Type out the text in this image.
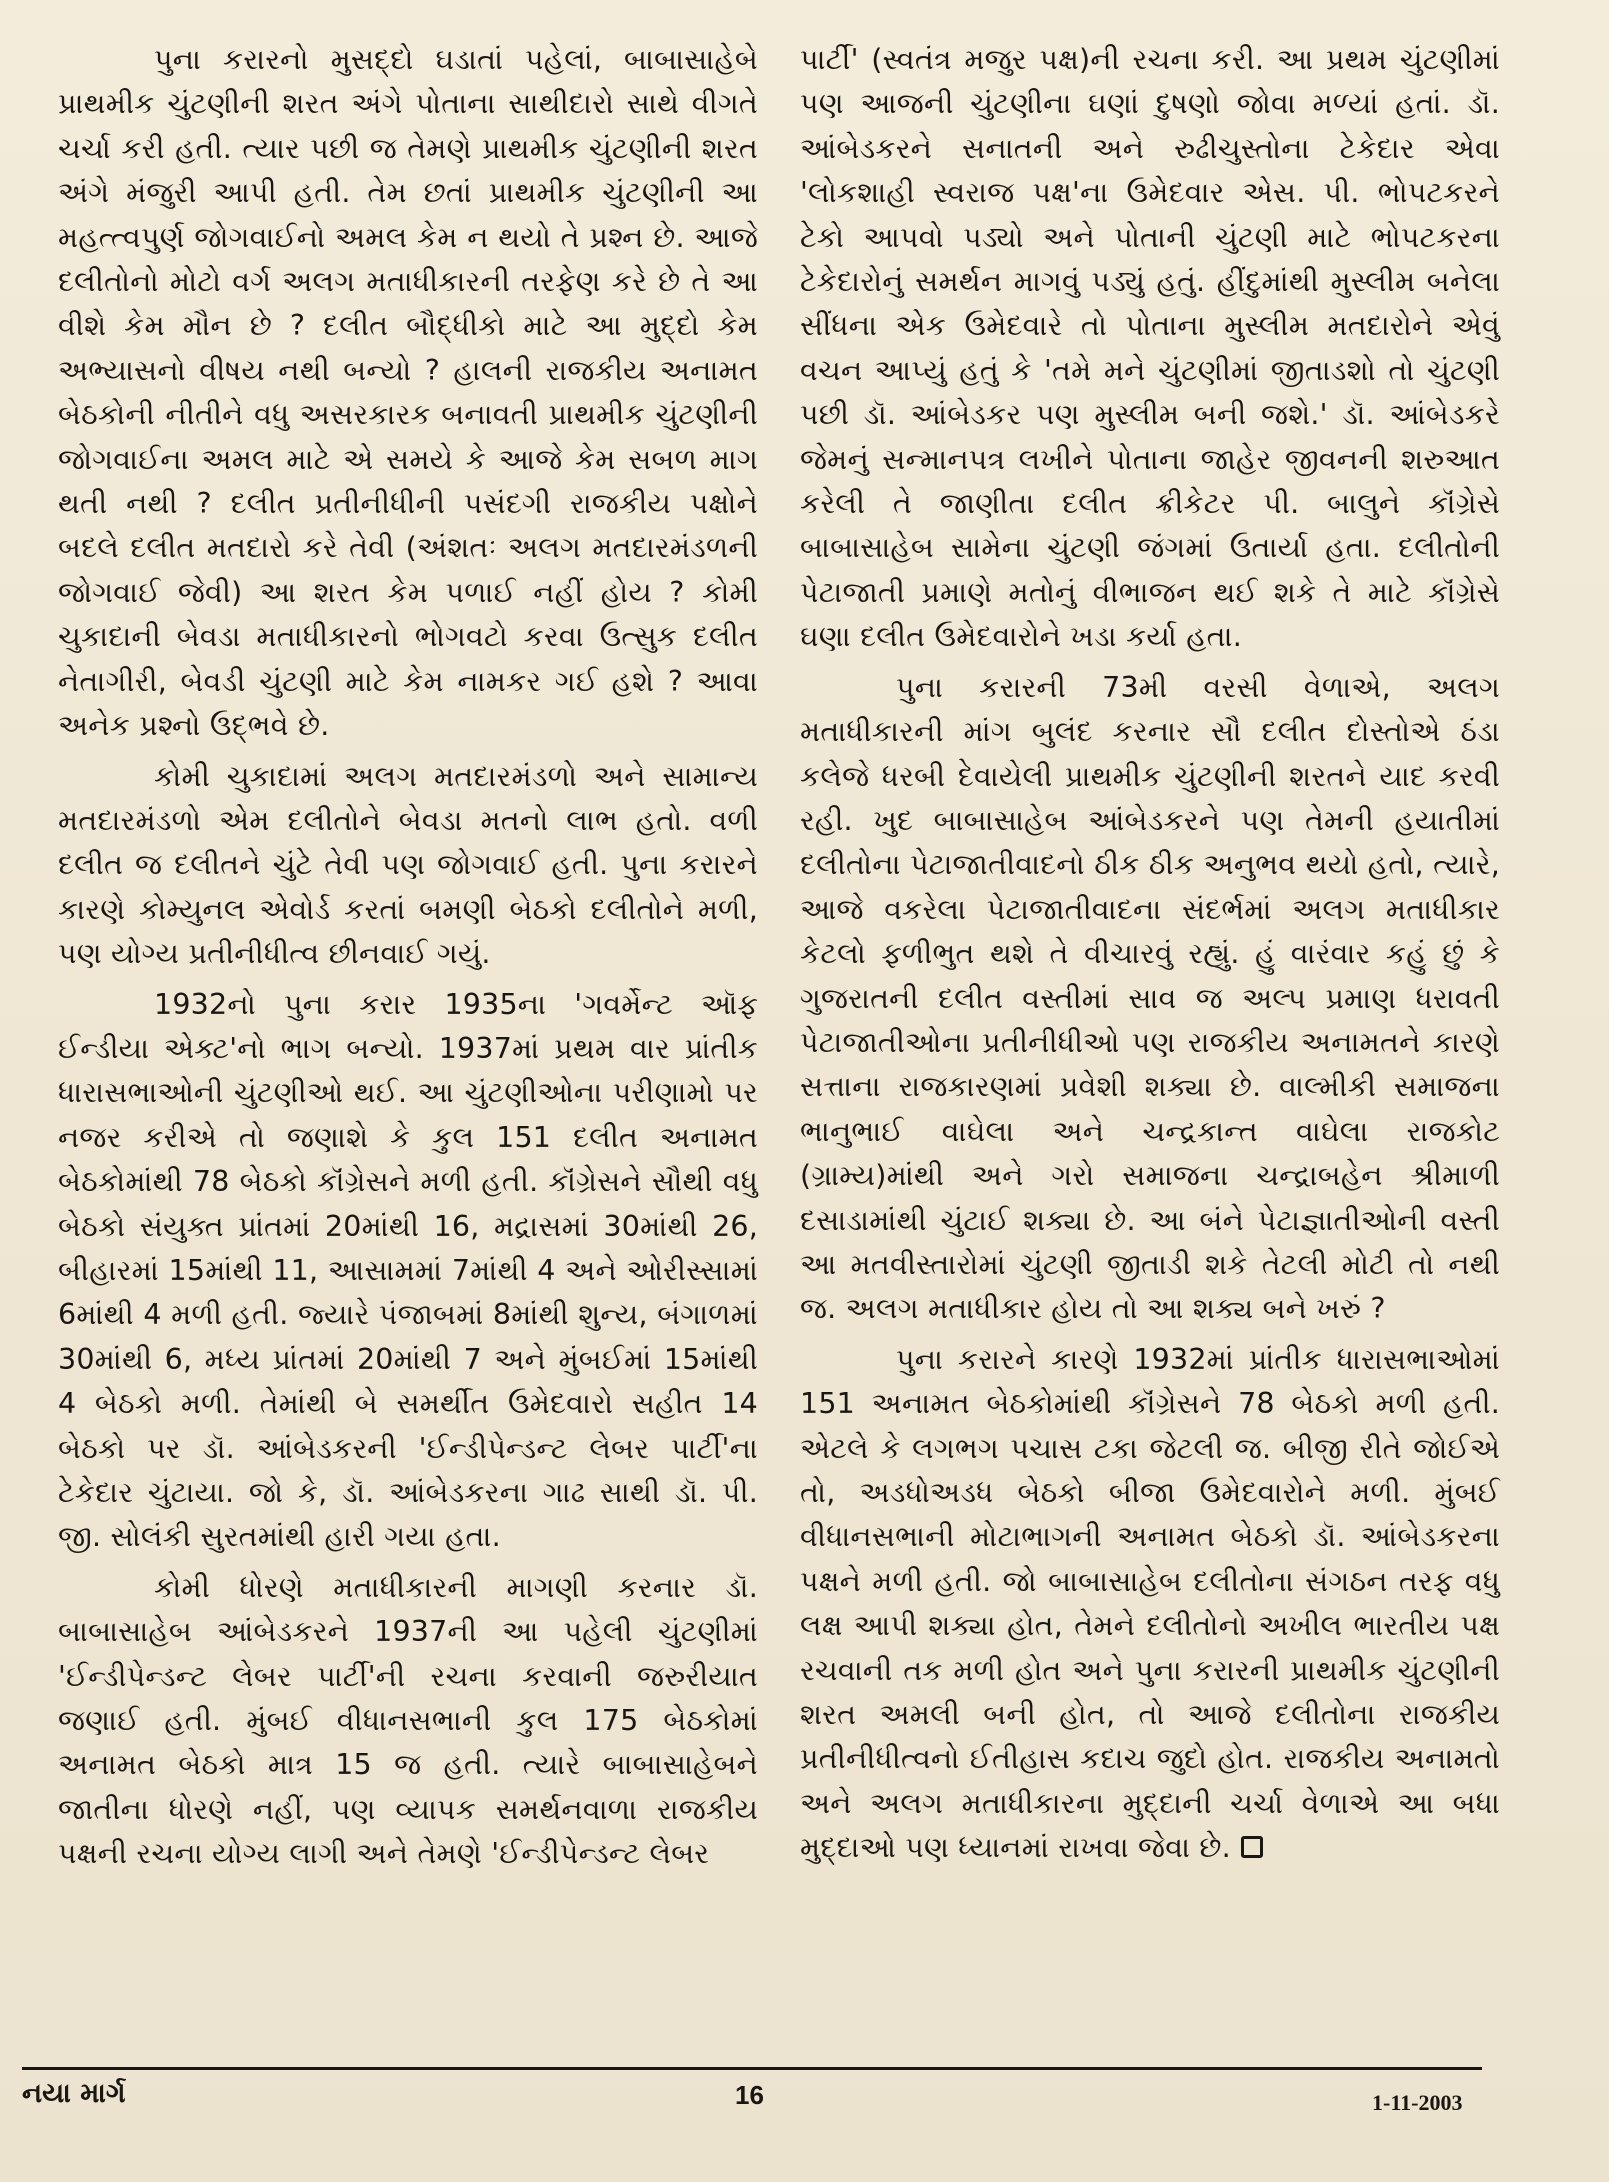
પુના કરારનો મુસદ્દો ઘડાતાં પહેલાં, બાબાસાહેબે પ્રાથમીક ચુંટણીની શરત અંગે પોતાના સાથીદારો સાથે વીગતે ચર્ચા કરી હતી. ત્યાર પછી જ તેમણે પ્રાથમીક ચુંટણીની શરત અંગે મંજુરી આપી હતી. તેમ છતાં પ્રાથમીક ચુંટણીની આ મહત્ત્વપુર્ણ જોગવાઈનો અમલ કેમ ન થયો તે પ્રશ્ન છે. આજે દલીતોનો મોટો વર્ગ અલગ મતાધીકારની તરફેણ કરે છે તે આ વીશે કેમ મૌન છે ? દલીત બૌદ્ધીકો માટે આ મુદ્દો કેમ અભ્યાસનો વીષય નથી બન્યો ? હાલની રાજકીય અનામત બેઠકોની નીતીને વધુ અસરકારક બનાવતી પ્રાથમીક ચુંટણીની જોગવાઈના અમલ માટે એ સમયે કે આજે કેમ સબળ માગ થતી નથી ? દલીત પ્રતીનીધીની પસંદગી રાજકીય પક્ષોને બદલે દલીત મતદારો કરે તેવી (અંશતઃ અલગ મતદારમંડળની જોગવાઈ જેવી) આ શરત કેમ પળાઈ નહીં હોય ? કોમી ચુકાદાની બેવડા મતાધીકારનો ભોગવટો કરવા ઉત્સુક દલીત નેતાગીરી, બેવડી ચુંટણી માટે કેમ નામકર ગઈ હશે ? આવા અનેક પ્રશ્નો ઉદ્ભવે છે.

કોમી ચુકાદામાં અલગ મતદારમંડળો અને સામાન્ય મતદારમંડળો એમ દલીતોને બેવડા મતનો લાભ હતો. વળી દલીત જ દલીતને ચુંટે તેવી પણ જોગવાઈ હતી. પુના કરારને કારણે કોમ્યુનલ એવોર્ડ કરતાં બમણી બેઠકો દલીતોને મળી, પણ યોગ્ય પ્રતીનીધીત્વ છીનવાઈ ગયું.

1932નો પુના કરાર 1935ના 'ગવર્મેન્ટ ઑફ ઈન્ડીયા એક્ટ'નો ભાગ બન્યો. 1937માં પ્રથમ વાર પ્રાંતીક ધારાસભાઓની ચુંટણીઓ થઈ. આ ચુંટણીઓના પરીણામો પર નજર કરીએ તો જણાશે કે કુલ 151 દલીત અનામત બેઠકોમાંથી 78 બેઠકો કૉંગ્રેસને મળી હતી. કૉંગ્રેસને સૌથી વધુ બેઠકો સંયુક્ત પ્રાંતમાં 20માંથી 16, મદ્રાસમાં 30માંથી 26, બીહારમાં 15માંથી 11, આસામમાં 7માંથી 4 અને ઓરીસ્સામાં 6માંથી 4 મળી હતી. જ્યારે પંજાબમાં 8માંથી શુન્ય, બંગાળમાં 30માંથી 6, મધ્ય પ્રાંતમાં 20માંથી 7 અને મુંબઈમાં 15માંથી 4 બેઠકો મળી. તેમાંથી બે સમર્થીત ઉમેદવારો સહીત 14 બેઠકો પર ડૉ. આંબેડકરની 'ઈન્ડીપેન્ડન્ટ લેબર પાર્ટી'ના ટેકેદાર ચુંટાયા. જો કે, ડૉ. આંબેડકરના ગાઢ સાથી ડૉ. પી. જી. સોલંકી સુરતમાંથી હારી ગયા હતા.

કોમી ધોરણે મતાધીકારની માગણી કરનાર ડૉ. બાબાસાહેબ આંબેડકરને 1937ની આ પહેલી ચુંટણીમાં 'ઈન્ડીપેન્ડન્ટ લેબર પાર્ટી'ની રચના કરવાની જરુરીયાત જણાઈ હતી. મુંબઈ વીધાનસભાની કુલ 175 બેઠકોમાં અનામત બેઠકો માત્ર 15 જ હતી. ત્યારે બાબાસાહેબને જાતીના ધોરણે નહીં, પણ વ્યાપક સમર્થનવાળા રાજકીય પક્ષની રચના યોગ્ય લાગી અને તેમણે 'ઈન્ડીપેન્ડન્ટ લેબર

પાર્ટી' (સ્વતંત્ર મજુર પક્ષ)ની રચના કરી. આ પ્રથમ ચુંટણીમાં પણ આજની ચુંટણીના ઘણાં દુષણો જોવા મળ્યાં હતાં. ડૉ. આંબેડકરને સનાતની અને રુઢીચુસ્તોના ટેકેદાર એવા 'લોકશાહી સ્વરાજ પક્ષ'ના ઉમેદવાર એસ. પી. ભોપટકરને ટેકો આપવો પડ્યો અને પોતાની ચુંટણી માટે ભોપટકરના ટેકેદારોનું સમર્થન માગવું પડ્યું હતું. હીંદુમાંથી મુસ્લીમ બનેલા સીંધના એક ઉમેદવારે તો પોતાના મુસ્લીમ મતદારોને એવું વચન આપ્યું હતું કે 'તમે મને ચુંટણીમાં જીતાડશો તો ચુંટણી પછી ડૉ. આંબેડકર પણ મુસ્લીમ બની જશે.' ડૉ. આંબેડકરે જેમનું સન્માનપત્ર લખીને પોતાના જાહેર જીવનની શરુઆત કરેલી તે જાણીતા દલીત ક્રીકેટર પી. બાલુને કૉંગ્રેસે બાબાસાહેબ સામેના ચુંટણી જંગમાં ઉતાર્યા હતા. દલીતોની પેટાજાતી પ્રમાણે મતોનું વીભાજન થઈ શકે તે માટે કૉંગ્રેસે ઘણા દલીત ઉમેદવારોને ખડા કર્યા હતા.

પુના કરારની 73મી વરસી વેળાએ, અલગ મતાધીકારની માંગ બુલંદ કરનાર સૌ દલીત દોસ્તોએ ઠંડા કલેજે ધરબી દેવાયેલી પ્રાથમીક ચુંટણીની શરતને યાદ કરવી રહી. ખુદ બાબાસાહેબ આંબેડકરને પણ તેમની હયાતીમાં દલીતોના પેટાજાતીવાદનો ઠીક ઠીક અનુભવ થયો હતો, ત્યારે, આજે વકરેલા પેટાજાતીવાદના સંદર્ભમાં અલગ મતાધીકાર કેટલો ફળીભુત થશે તે વીચારવું રહ્યું. હું વારંવાર કહું છું કે ગુજરાતની દલીત વસ્તીમાં સાવ જ અલ્પ પ્રમાણ ધરાવતી પેટાજાતીઓના પ્રતીનીધીઓ પણ રાજકીય અનામતને કારણે સત્તાના રાજકારણમાં પ્રવેશી શક્યા છે. વાલ્મીકી સમાજના ભાનુભાઈ વાઘેલા અને ચન્દ્રકાન્ત વાઘેલા રાજકોટ (ગ્રામ્ય)માંથી અને ગરો સમાજના ચન્દ્રાબહેન શ્રીમાળી દસાડામાંથી ચુંટાઈ શક્યા છે. આ બંને પેટાજ્ઞાતીઓની વસ્તી આ મતવીસ્તારોમાં ચુંટણી જીતાડી શકે તેટલી મોટી તો નથી જ. અલગ મતાધીકાર હોય તો આ શક્ય બને ખરું ?

પુના કરારને કારણે 1932માં પ્રાંતીક ધારાસભાઓમાં 151 અનામત બેઠકોમાંથી કૉંગ્રેસને 78 બેઠકો મળી હતી. એટલે કે લગભગ પચાસ ટકા જેટલી જ. બીજી રીતે જોઈએ તો, અડધોઅડધ બેઠકો બીજા ઉમેદવારોને મળી. મુંબઈ વીધાનસભાની મોટાભાગની અનામત બેઠકો ડૉ. આંબેડકરના પક્ષને મળી હતી. જો બાબાસાહેબ દલીતોના સંગઠન તરફ વધુ લક્ષ આપી શક્યા હોત, તેમને દલીતોનો અખીલ ભારતીય પક્ષ રચવાની તક મળી હોત અને પુના કરારની પ્રાથમીક ચુંટણીની શરત અમલી બની હોત, તો આજે દલીતોના રાજકીય પ્રતીનીધીત્વનો ઈતીહાસ કદાચ જુદો હોત. રાજકીય અનામતો અને અલગ મતાધીકારના મુદ્દાની ચર્ચા વેળાએ આ બધા મુદ્દાઓ પણ ધ્યાનમાં રાખવા જેવા છે.

નયા માર્ગ	16	1-11-2003
